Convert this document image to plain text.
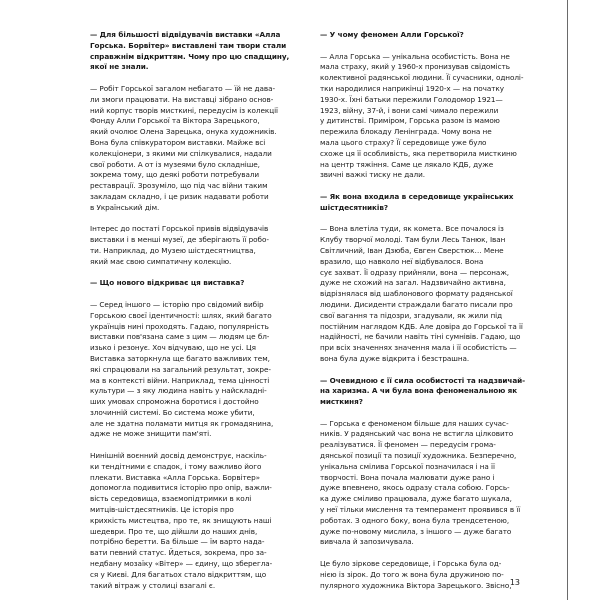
— Для більшості відвідувачів виставки «Алла
Горська. Борвітер» виставлені там твори стали
справжнім відкриттям. Чому про цю спадщину,
якої не знали.

— Робіт Горської загалом небагато — їй не дава-
ли змоги працювати. На виставці зібрано основ-
ний корпус творів мисткині, передусім із колекції
Фонду Алли Горської та Віктора Зарецького,
який очолює Олена Зарецька, онука художників.
Вона була співкуратором виставки. Майже всі
колекціонери, з якими ми спілкувалися, надали
свої роботи. А от із музеями було складніше,
зокрема тому, що деякі роботи потребували
реставрації. Зрозуміло, що під час війни таким
закладам складно, і це ризик надавати роботи
в Український дім.

Інтерес до постаті Горської привів відвідувачів
виставки і в менші музеї, де зберігають її робо-
ти. Наприклад, до Музею шістдесятництва,
який має свою симпатичну колекцію.

— Що нового відкриває ця виставка?

— Серед іншого — історію про свідомий вибір
Горською своєї ідентичності: шлях, який багато
українців нині проходять. Гадаю, популярність
виставки пов'язана саме з цим — людям це бл-
изько і резонує. Хоч відчуваю, що не усі. Ця
Виставка заторкнула ще багато важливих тем,
які спрацювали на загальний результат, зокре-
ма в контексті війни. Наприклад, тема цінності
культури — з яку людина навіть у найскладні-
ших умовах спроможна боротися і достойно
злочинній системі. Бо система може убити,
але не здатна поламати митця як громадянина,
адже не може знищити пам'яті.

Нинішній воєнний досвід демонструє, наскіль-
ки тендітними є спадок, і тому важливо його
плекати. Виставка «Алла Горська. Борвітер»
допомогла подивитися історію про опір, важли-
вість середовища, взаємопідтримки в колі
митців-шістдесятників. Це історія про
крихкість мистецтва, про те, як знищують наші
шедеври. Про те, що дійшли до наших днів,
потрібно беретти. Ба більше — їм варто нада-
вати певний статус. Йдеться, зокрема, про за-
недбану мозаїку «Вітер» — єдину, що зберегла-
ся у Києві. Для багатьох стало відкриттям, що
такий вітраж у столиці взагалі є.

— У чому феномен Алли Горської?

— Алла Горська — унікальна особистість. Вона не
мала страху, який у 1960-х пронизував свідомість
колективної радянської людини. Її сучасники, однолі-
тки народилися наприкінці 1920-х — на початку
1930-х. Їхні батьки пережили Голодомор 1921—
1923, війну, 37-й, і вони самі чимало пережили
у дитинстві. Приміром, Горська разом із мамою
пережила блокаду Ленінграда. Чому вона не
мала цього страху? Її середовище уже було
схоже ця її особливість, яка перетворила мисткиню
на центр тяжіння. Саме це лякало КДБ, дуже
звичні важкі тиску не дали.

— Як вона входила в середовище українських
шістдесятників?

— Вона влетіла туди, як комета. Все почалося із
Клубу творчої молоді. Там були Лесь Танюк, Іван
Світличний, Іван Дзюба, Євген Сверстюк… Мене
вразило, що навколо неї відбувалося. Вона
сує захват. Її одразу прийняли, вона — персонаж,
дуже не схожий на загал. Надзвичайно активна,
відрізнялася від шаблонового формату радянської
людини. Дисиденти страждали багато писали про
свої вагання та підозри, згадували, як жили під
постійним наглядом КДБ. Але довіра до Горської та її
надійності, не бачили навіть тіні сумнівів. Гадаю, що
при всіх значеннях значення мала і її особистість —
вона була дуже відкрита і безстрашна.

— Очевидною є її сила особистості та надзвичай-
на харизма. А чи була вона феноменальною як
мисткиня?

— Горська є феноменом більше для наших сучас-
ників. У радянський час вона не встигла цілковито
реалізуватися. Її феномен — передусім грома-
дянської позиції та позиції художника. Безперечно,
унікальна смілива Горської позначилася і на її
творчості. Вона почала малювати дуже рано і
дуже впевнено, якось одразу стала собою. Горсь-
ка дуже сміливо працювала, дуже багато шукала,
у неї тільки мислення та темперамент проявився в її
роботах. З одного боку, вона була трендсетеною,
дуже по-новому мислила, з іншого — дуже багато
вивчала й запозичувала.

Це було зіркове середовище, і Горська була од-
нією із зірок. До того ж вона була дружиною по-
пулярного художника Віктора Зарецького. Звісно,

13
